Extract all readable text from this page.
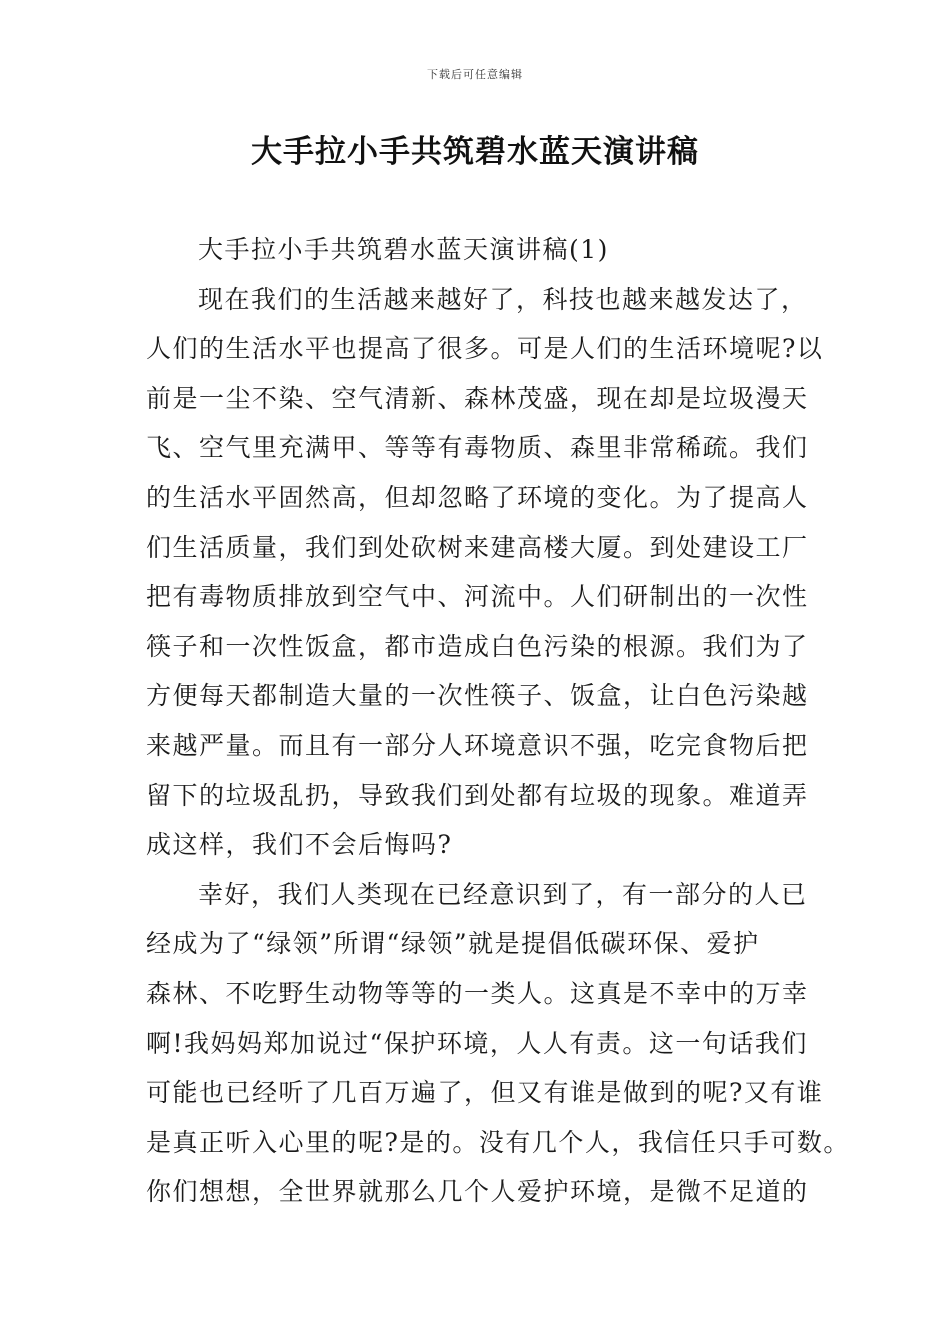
下载后可任意编辑
大手拉小手共筑碧水蓝天演讲稿
大手拉小手共筑碧水蓝天演讲稿(1)
现在我们的生活越来越好了，科技也越来越发达了，
人们的生活水平也提高了很多。可是人们的生活环境呢?以
前是一尘不染、空气清新、森林茂盛，现在却是垃圾漫天
飞、空气里充满甲、等等有毒物质、森里非常稀疏。我们
的生活水平固然高，但却忽略了环境的变化。为了提高人
们生活质量，我们到处砍树来建高楼大厦。到处建设工厂
把有毒物质排放到空气中、河流中。人们研制出的一次性
筷子和一次性饭盒，都市造成白色污染的根源。我们为了
方便每天都制造大量的一次性筷子、饭盒，让白色污染越
来越严量。而且有一部分人环境意识不强，吃完食物后把
留下的垃圾乱扔，导致我们到处都有垃圾的现象。难道弄
成这样，我们不会后悔吗?
幸好，我们人类现在已经意识到了，有一部分的人已
经成为了“绿领”所谓“绿领”就是提倡低碳环保、爱护
森林、不吃野生动物等等的一类人。这真是不幸中的万幸
啊!我妈妈郑加说过“保护环境，人人有责。这一句话我们
可能也已经听了几百万遍了，但又有谁是做到的呢?又有谁
是真正听入心里的呢?是的。没有几个人，我信任只手可数。
你们想想，全世界就那么几个人爱护环境，是微不足道的
